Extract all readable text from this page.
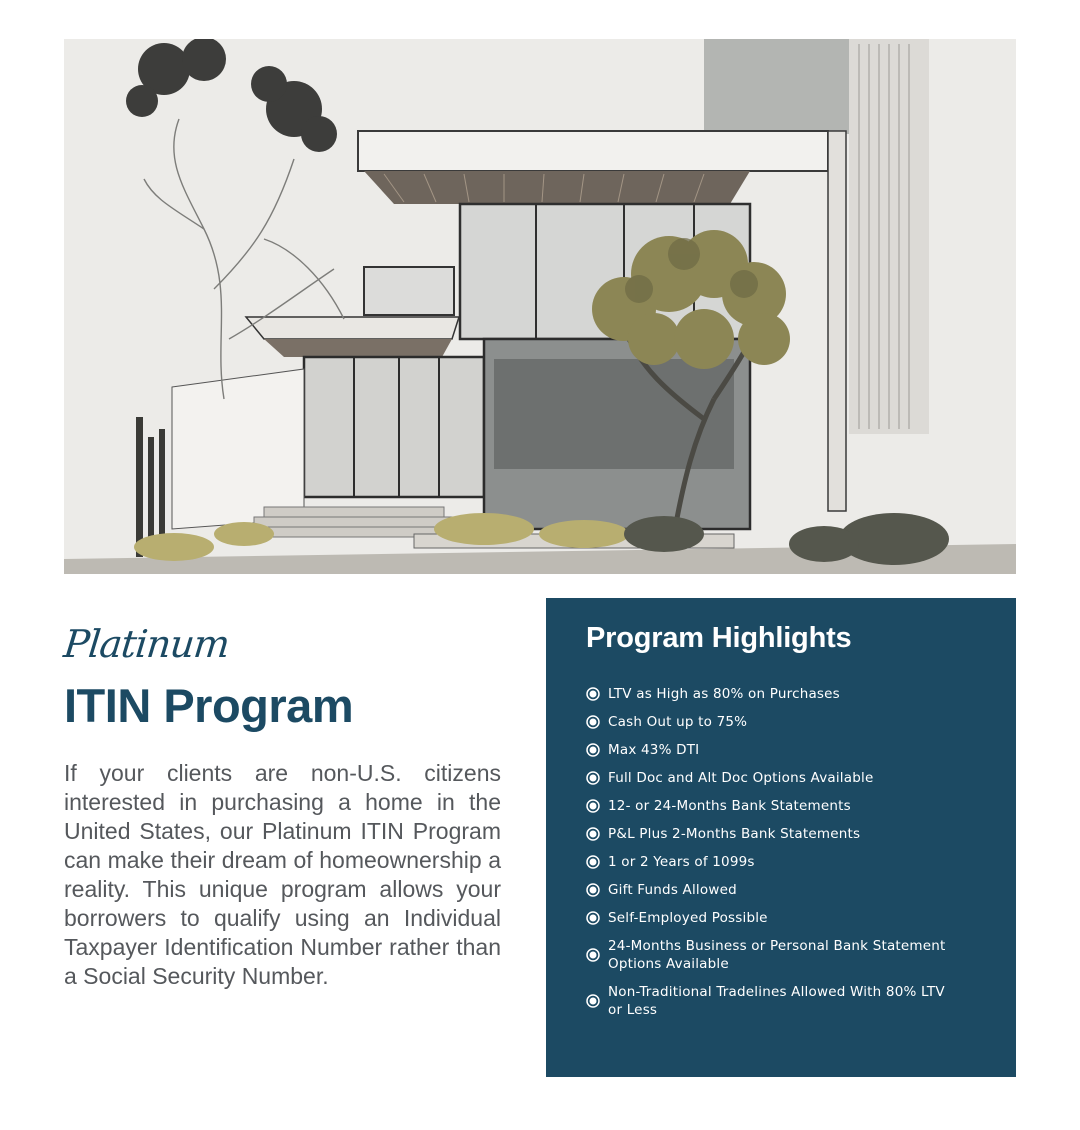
Platinum
ITIN Program

If your clients are non-U.S. citizens interested in purchasing a home in the United States, our Platinum ITIN Program can make their dream of homeownership a reality. This unique program allows your borrowers to qualify using an Individual Taxpayer Identification Number rather than a Social Security Number.

Program Highlights
LTV as High as 80% on Purchases
Cash Out up to 75%
Max 43% DTI
Full Doc and Alt Doc Options Available
12- or 24-Months Bank Statements
P&L Plus 2-Months Bank Statements
1 or 2 Years of 1099s
Gift Funds Allowed
Self-Employed Possible
24-Months Business or Personal Bank Statement Options Available
Non-Traditional Tradelines Allowed With 80% LTV or Less
